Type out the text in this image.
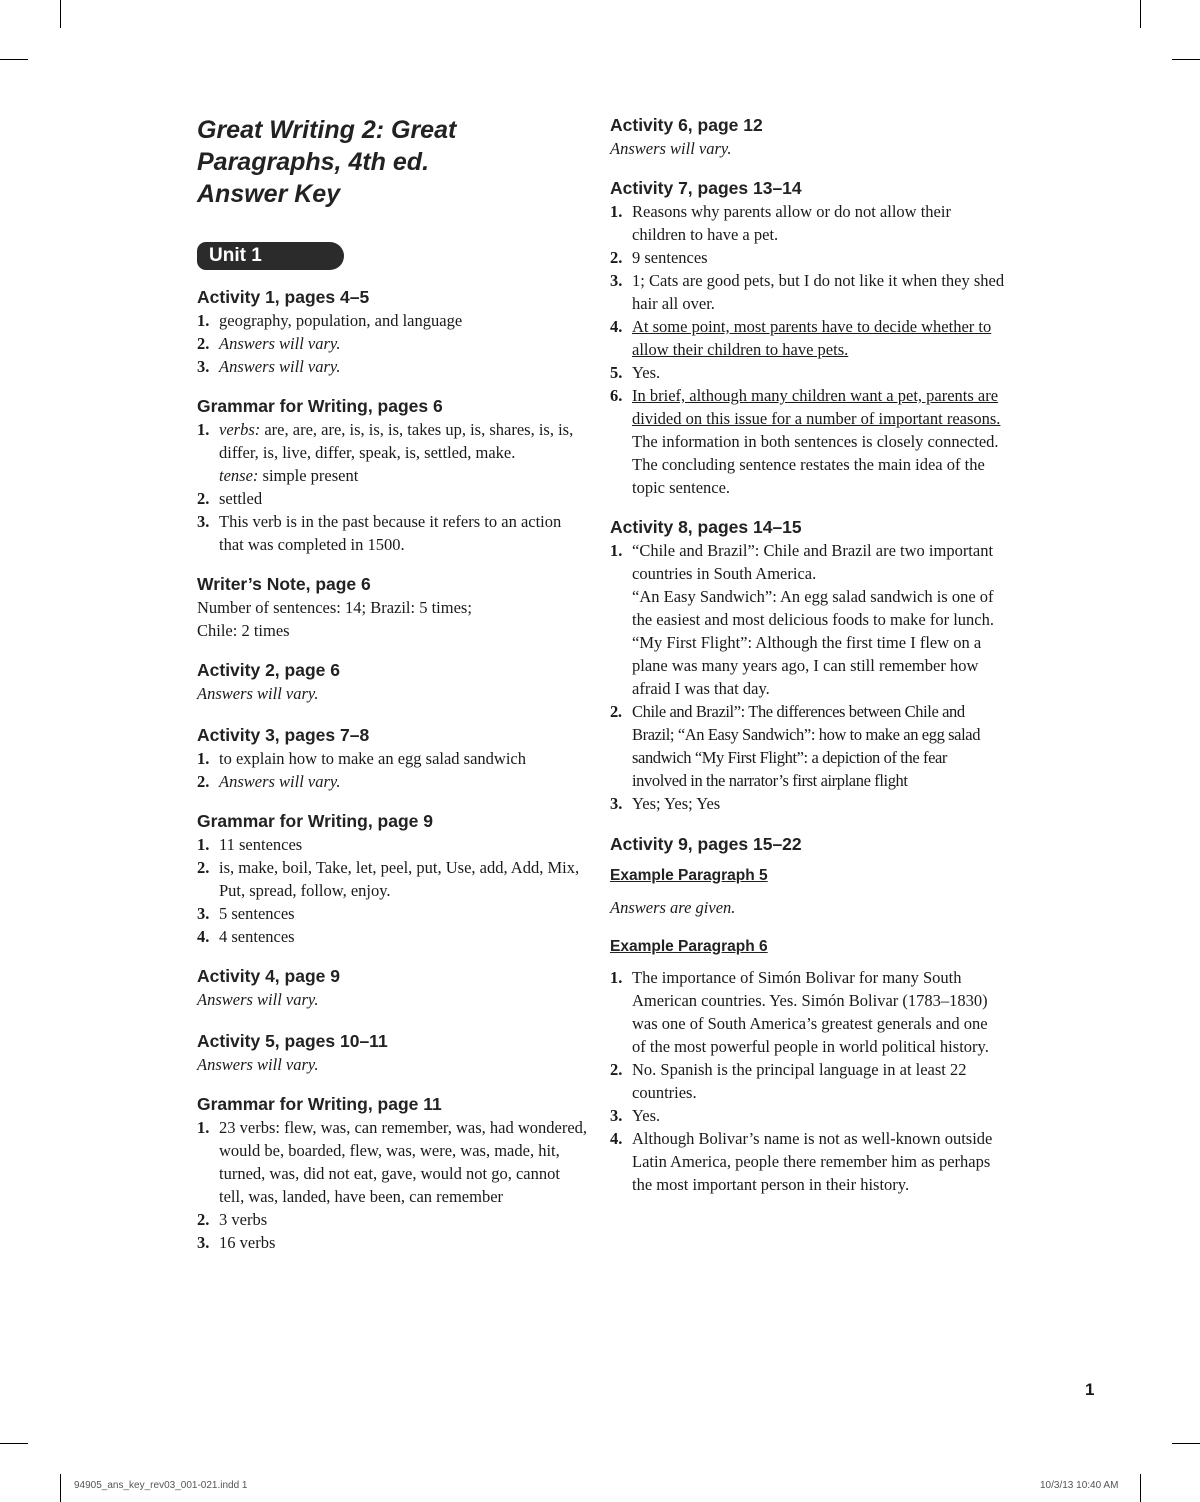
Great Writing 2: Great
Paragraphs, 4th ed.
Answer Key
Unit 1

Activity 1, pages 4–5

1. geography, population, and language
2. Answers will vary.
3. Answers will vary.

Grammar for Writing, pages 6

1. verbs: are, are, are, is, is, is, takes up, is, shares, is, is, differ, is, live, differ, speak, is, settled, make.
tense: simple present
2. settled
3. This verb is in the past because it refers to an action that was completed in 1500.

Writer’s Note, page 6

Number of sentences: 14; Brazil: 5 times;

Chile: 2 times

Activity 2, page 6

Answers will vary.

Activity 3, pages 7–8

1. to explain how to make an egg salad sandwich
2. Answers will vary.

Grammar for Writing, page 9

1. 11 sentences
2. is, make, boil, Take, let, peel, put, Use, add, Add, Mix, Put, spread, follow, enjoy.
3. 5 sentences
4. 4 sentences

Activity 4, page 9

Answers will vary.

Activity 5, pages 10–11

Answers will vary.

Grammar for Writing, page 11

1. 23 verbs: flew, was, can remember, was, had wondered, would be, boarded, flew, was, were, was, made, hit, turned, was, did not eat, gave, would not go, cannot tell, was, landed, have been, can remember
2. 3 verbs
3. 16 verbs

Activity 6, page 12

Answers will vary.

Activity 7, pages 13–14

1. Reasons why parents allow or do not allow their children to have a pet.
2. 9 sentences
3. 1; Cats are good pets, but I do not like it when they shed hair all over.
4. At some point, most parents have to decide whether to allow their children to have pets.
5. Yes.
6. In brief, although many children want a pet, parents are divided on this issue for a number of important reasons. The information in both sentences is closely connected. The concluding sentence restates the main idea of the topic sentence.

Activity 8, pages 14–15

1. “Chile and Brazil”: Chile and Brazil are two important countries in South America.
“An Easy Sandwich”: An egg salad sandwich is one of the easiest and most delicious foods to make for lunch.
“My First Flight”: Although the first time I flew on a plane was many years ago, I can still remember how afraid I was that day.
2. Chile and Brazil”: The differences between Chile and Brazil; “An Easy Sandwich”: how to make an egg salad sandwich “My First Flight”: a depiction of the fear involved in the narrator’s first airplane flight
3. Yes; Yes; Yes

Activity 9, pages 15–22

Example Paragraph 5

Answers are given.

Example Paragraph 6

1. The importance of Simón Bolivar for many South American countries. Yes. Simón Bolivar (1783–1830) was one of South America’s greatest generals and one of the most powerful people in world political history.
2. No. Spanish is the principal language in at least 22 countries.
3. Yes.
4. Although Bolivar’s name is not as well-known outside Latin America, people there remember him as perhaps the most important person in their history.
1
94905_ans_key_rev03_001-021.indd 1	10/3/13 10:40 AM
